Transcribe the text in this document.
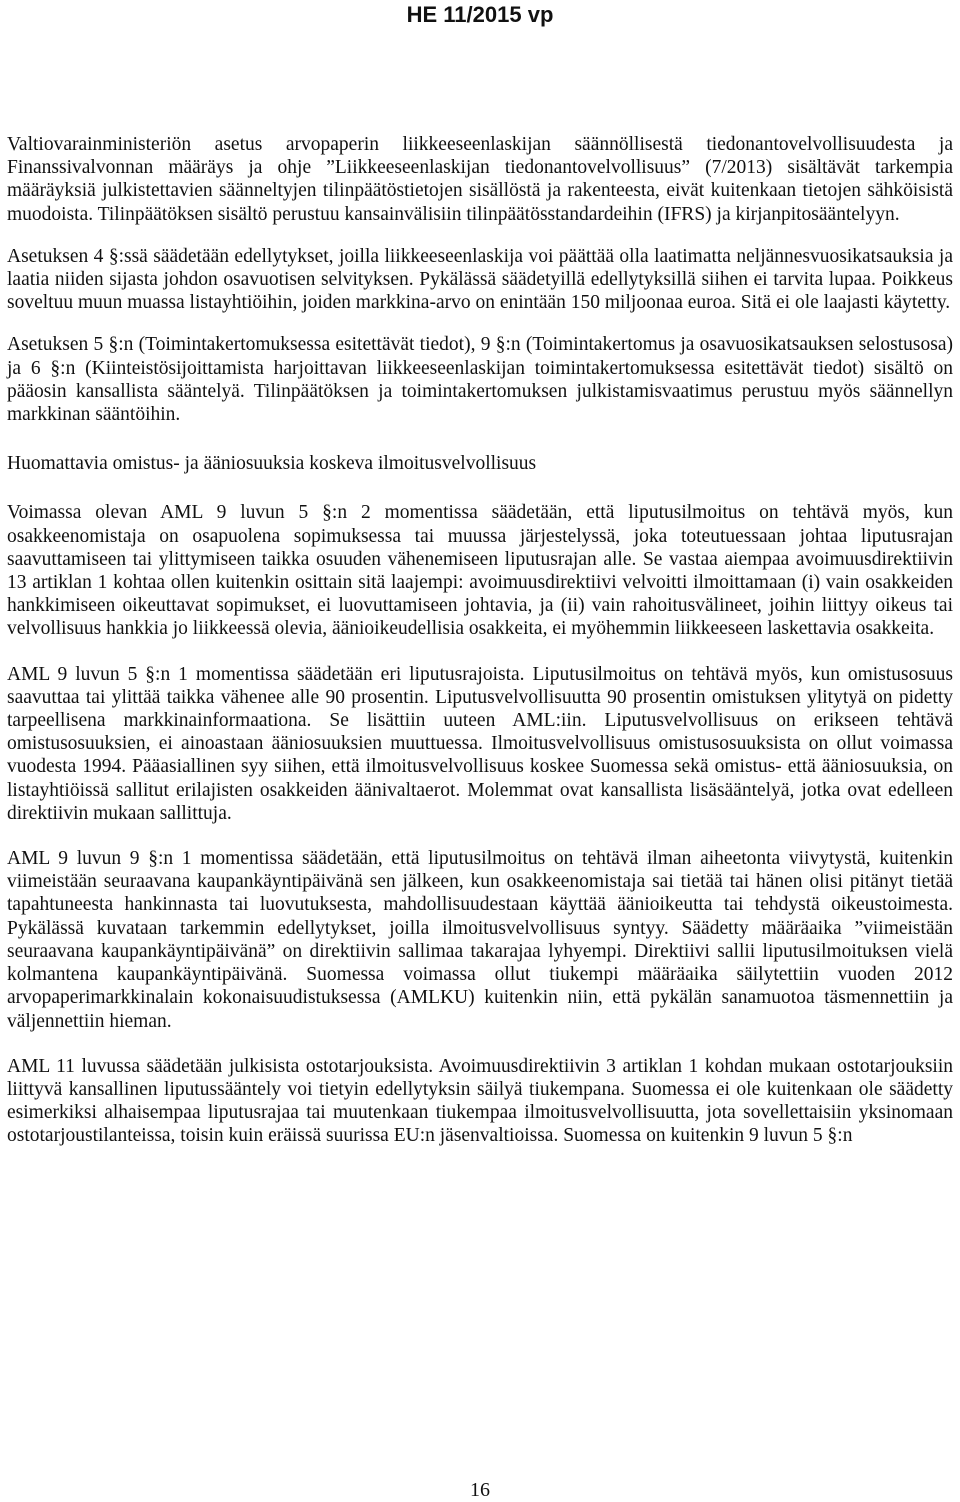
HE 11/2015 vp

Valtiovarainministeriön asetus arvopaperin liikkeeseenlaskijan säännöllisestä tiedonantovelvollisuudesta ja Finanssivalvonnan määräys ja ohje ”Liikkeeseenlaskijan tiedonantovelvollisuus” (7/2013) sisältävät tarkempia määräyksiä julkistettavien säänneltyjen tilinpäätöstietojen sisällöstä ja rakenteesta, eivät kuitenkaan tietojen sähköisistä muodoista. Tilinpäätöksen sisältö perustuu kansainvälisiin tilinpäätösstandardeihin (IFRS) ja kirjanpitosääntelyyn.

Asetuksen 4 §:ssä säädetään edellytykset, joilla liikkeeseenlaskija voi päättää olla laatimatta neljännesvuosikatsauksia ja laatia niiden sijasta johdon osavuotisen selvityksen. Pykälässä säädetyillä edellytyksillä siihen ei tarvita lupaa. Poikkeus soveltuu muun muassa listayhtiöihin, joiden markkina-arvo on enintään 150 miljoonaa euroa. Sitä ei ole laajasti käytetty.

Asetuksen 5 §:n (Toimintakertomuksessa esitettävät tiedot), 9 §:n (Toimintakertomus ja osavuosikatsauksen selostusosa) ja 6 §:n (Kiinteistösijoittamista harjoittavan liikkeeseenlaskijan toimintakertomuksessa esitettävät tiedot) sisältö on pääosin kansallista sääntelyä. Tilinpäätöksen ja toimintakertomuksen julkistamisvaatimus perustuu myös säännellyn markkinan sääntöihin.

Huomattavia omistus- ja ääniosuuksia koskeva ilmoitusvelvollisuus

Voimassa olevan AML 9 luvun 5 §:n 2 momentissa säädetään, että liputusilmoitus on tehtävä myös, kun osakkeenomistaja on osapuolena sopimuksessa tai muussa järjestelyssä, joka toteutuessaan johtaa liputusrajan saavuttamiseen tai ylittymiseen taikka osuuden vähenemiseen liputusrajan alle. Se vastaa aiempaa avoimuusdirektiivin 13 artiklan 1 kohtaa ollen kuitenkin osittain sitä laajempi: avoimuusdirektiivi velvoitti ilmoittamaan (i) vain osakkeiden hankkimiseen oikeuttavat sopimukset, ei luovuttamiseen johtavia, ja (ii) vain rahoitusvälineet, joihin liittyy oikeus tai velvollisuus hankkia jo liikkeessä olevia, äänioikeudellisia osakkeita, ei myöhemmin liikkeeseen laskettavia osakkeita.

AML 9 luvun 5 §:n 1 momentissa säädetään eri liputusrajoista. Liputusilmoitus on tehtävä myös, kun omistusosuus saavuttaa tai ylittää taikka vähenee alle 90 prosentin. Liputusvelvollisuutta 90 prosentin omistuksen ylitytyä on pidetty tarpeellisena markkinainformaationa. Se lisättiin uuteen AML:iin. Liputusvelvollisuus on erikseen tehtävä omistusosuuksien, ei ainoastaan ääniosuuksien muuttuessa. Ilmoitusvelvollisuus omistusosuuksista on ollut voimassa vuodesta 1994. Pääasiallinen syy siihen, että ilmoitusvelvollisuus koskee Suomessa sekä omistus- että ääniosuuksia, on listayhtiöissä sallitut erilajisten osakkeiden äänivaltaerot. Molemmat ovat kansallista lisäsääntelyä, jotka ovat edelleen direktiivin mukaan sallittuja.

AML 9 luvun 9 §:n 1 momentissa säädetään, että liputusilmoitus on tehtävä ilman aiheetonta viivytystä, kuitenkin viimeistään seuraavana kaupankäyntipäivänä sen jälkeen, kun osakkeenomistaja sai tietää tai hänen olisi pitänyt tietää tapahtuneesta hankinnasta tai luovutuksesta, mahdollisuudestaan käyttää äänioikeutta tai tehdystä oikeustoimesta. Pykälässä kuvataan tarkemmin edellytykset, joilla ilmoitusvelvollisuus syntyy. Säädetty määräaika ”viimeistään seuraavana kaupankäyntipäivänä” on direktiivin sallimaa takarajaa lyhyempi. Direktiivi sallii liputusilmoituksen vielä kolmantena kaupankäyntipäivänä. Suomessa voimassa ollut tiukempi määräaika säilytettiin vuoden 2012 arvopaperimarkkinalain kokonaisuudistuksessa (AMLKU) kuitenkin niin, että pykälän sanamuotoa täsmennettiin ja väljennettiin hieman.

AML 11 luvussa säädetään julkisista ostotarjouksista. Avoimuusdirektiivin 3 artiklan 1 kohdan mukaan ostotarjouksiin liittyvä kansallinen liputussääntely voi tietyin edellytyksin säilyä tiukempana. Suomessa ei ole kuitenkaan ole säädetty esimerkiksi alhaisempaa liputusrajaa tai muutenkaan tiukempaa ilmoitusvelvollisuutta, jota sovellettaisiin yksinomaan ostotarjoustilanteissa, toisin kuin eräissä suurissa EU:n jäsenvaltioissa. Suomessa on kuitenkin 9 luvun 5 §:n

16
